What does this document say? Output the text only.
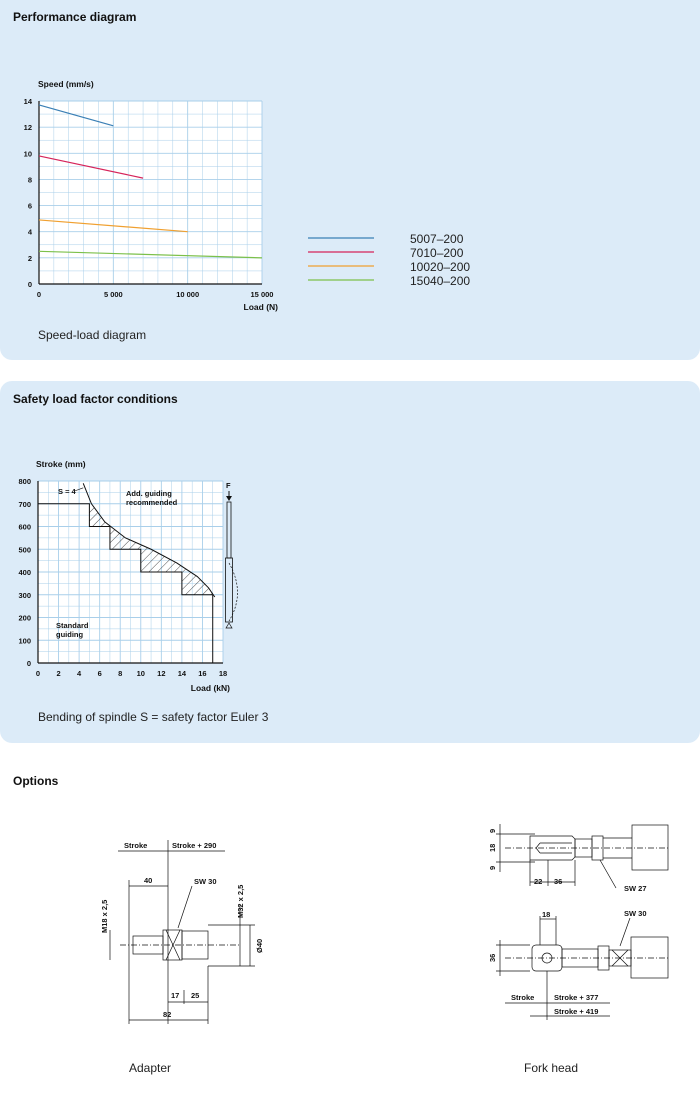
Performance diagram
0	5 000	10 000	15 000
0
2
4
6
8
10
12
14
Speed (mm/s)
Load (N)
5007–200
7010–200
10020–200
15040–200
Speed-load diagram
Safety load factor conditions
0 2 4 6 8 10 12 14 16 18
0
100
200
300
400
500
600
700
800
Stroke (mm)
Load (kN)
S = 4	Add. guiding
recommended
Standard
guiding
F
Bending of spindle S = safety factor Euler 3
Options
Stroke	Stroke + 290
40	SW 30
M18 x 2,5	M32 x 2,5
Ø40
17 25
82
Adapter
9
18
9
22 36
SW 27
18	SW 30
36
Stroke	Stroke + 377
Stroke + 419
Fork head
